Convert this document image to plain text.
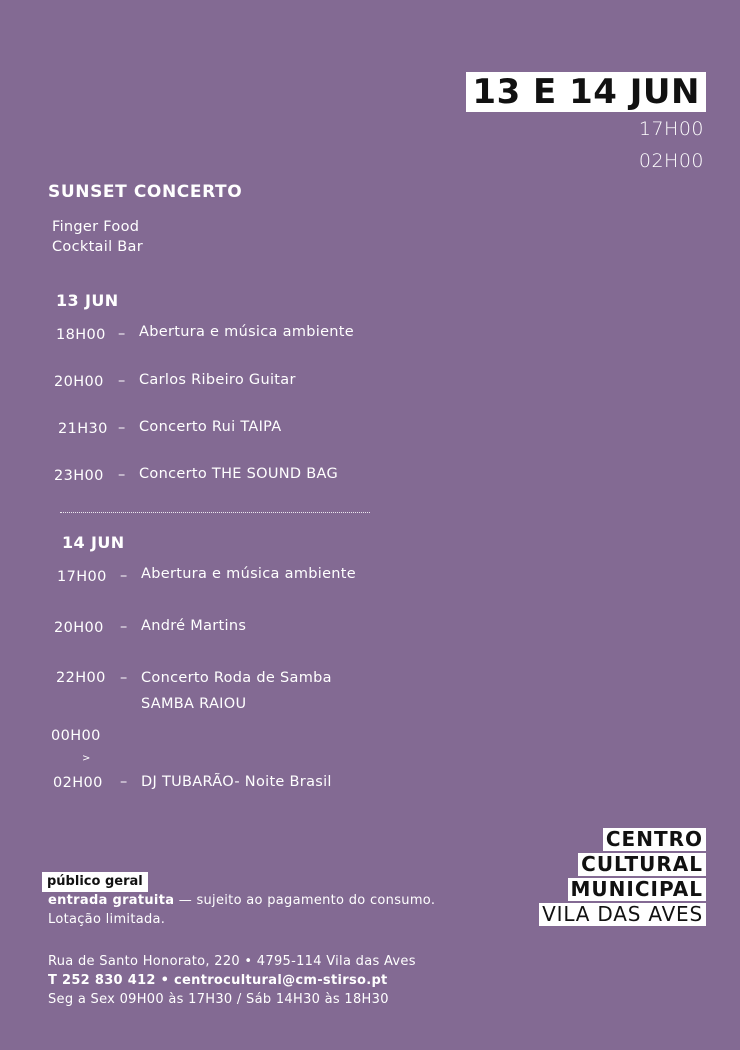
13 E 14 JUN
17H00
02H00
SUNSET CONCERTO
Finger Food
Cocktail Bar
13 JUN
18H00 – Abertura e música ambiente
20H00 – Carlos Ribeiro Guitar
21H30 – Concerto Rui TAIPA
23H00 – Concerto THE SOUND BAG
14 JUN
17H00 – Abertura e música ambiente
20H00 – André Martins
22H00 – Concerto Roda de Samba
SAMBA RAIOU
00H00
>
02H00 – DJ TUBARÃO- Noite Brasil
CENTRO
CULTURAL
MUNICIPAL
VILA DAS AVES
público geral
entrada gratuita — sujeito ao pagamento do consumo.
Lotação limitada.
Rua de Santo Honorato, 220 • 4795-114 Vila das Aves
T 252 830 412 • centrocultural@cm-stirso.pt
Seg a Sex 09H00 às 17H30 / Sáb 14H30 às 18H30
